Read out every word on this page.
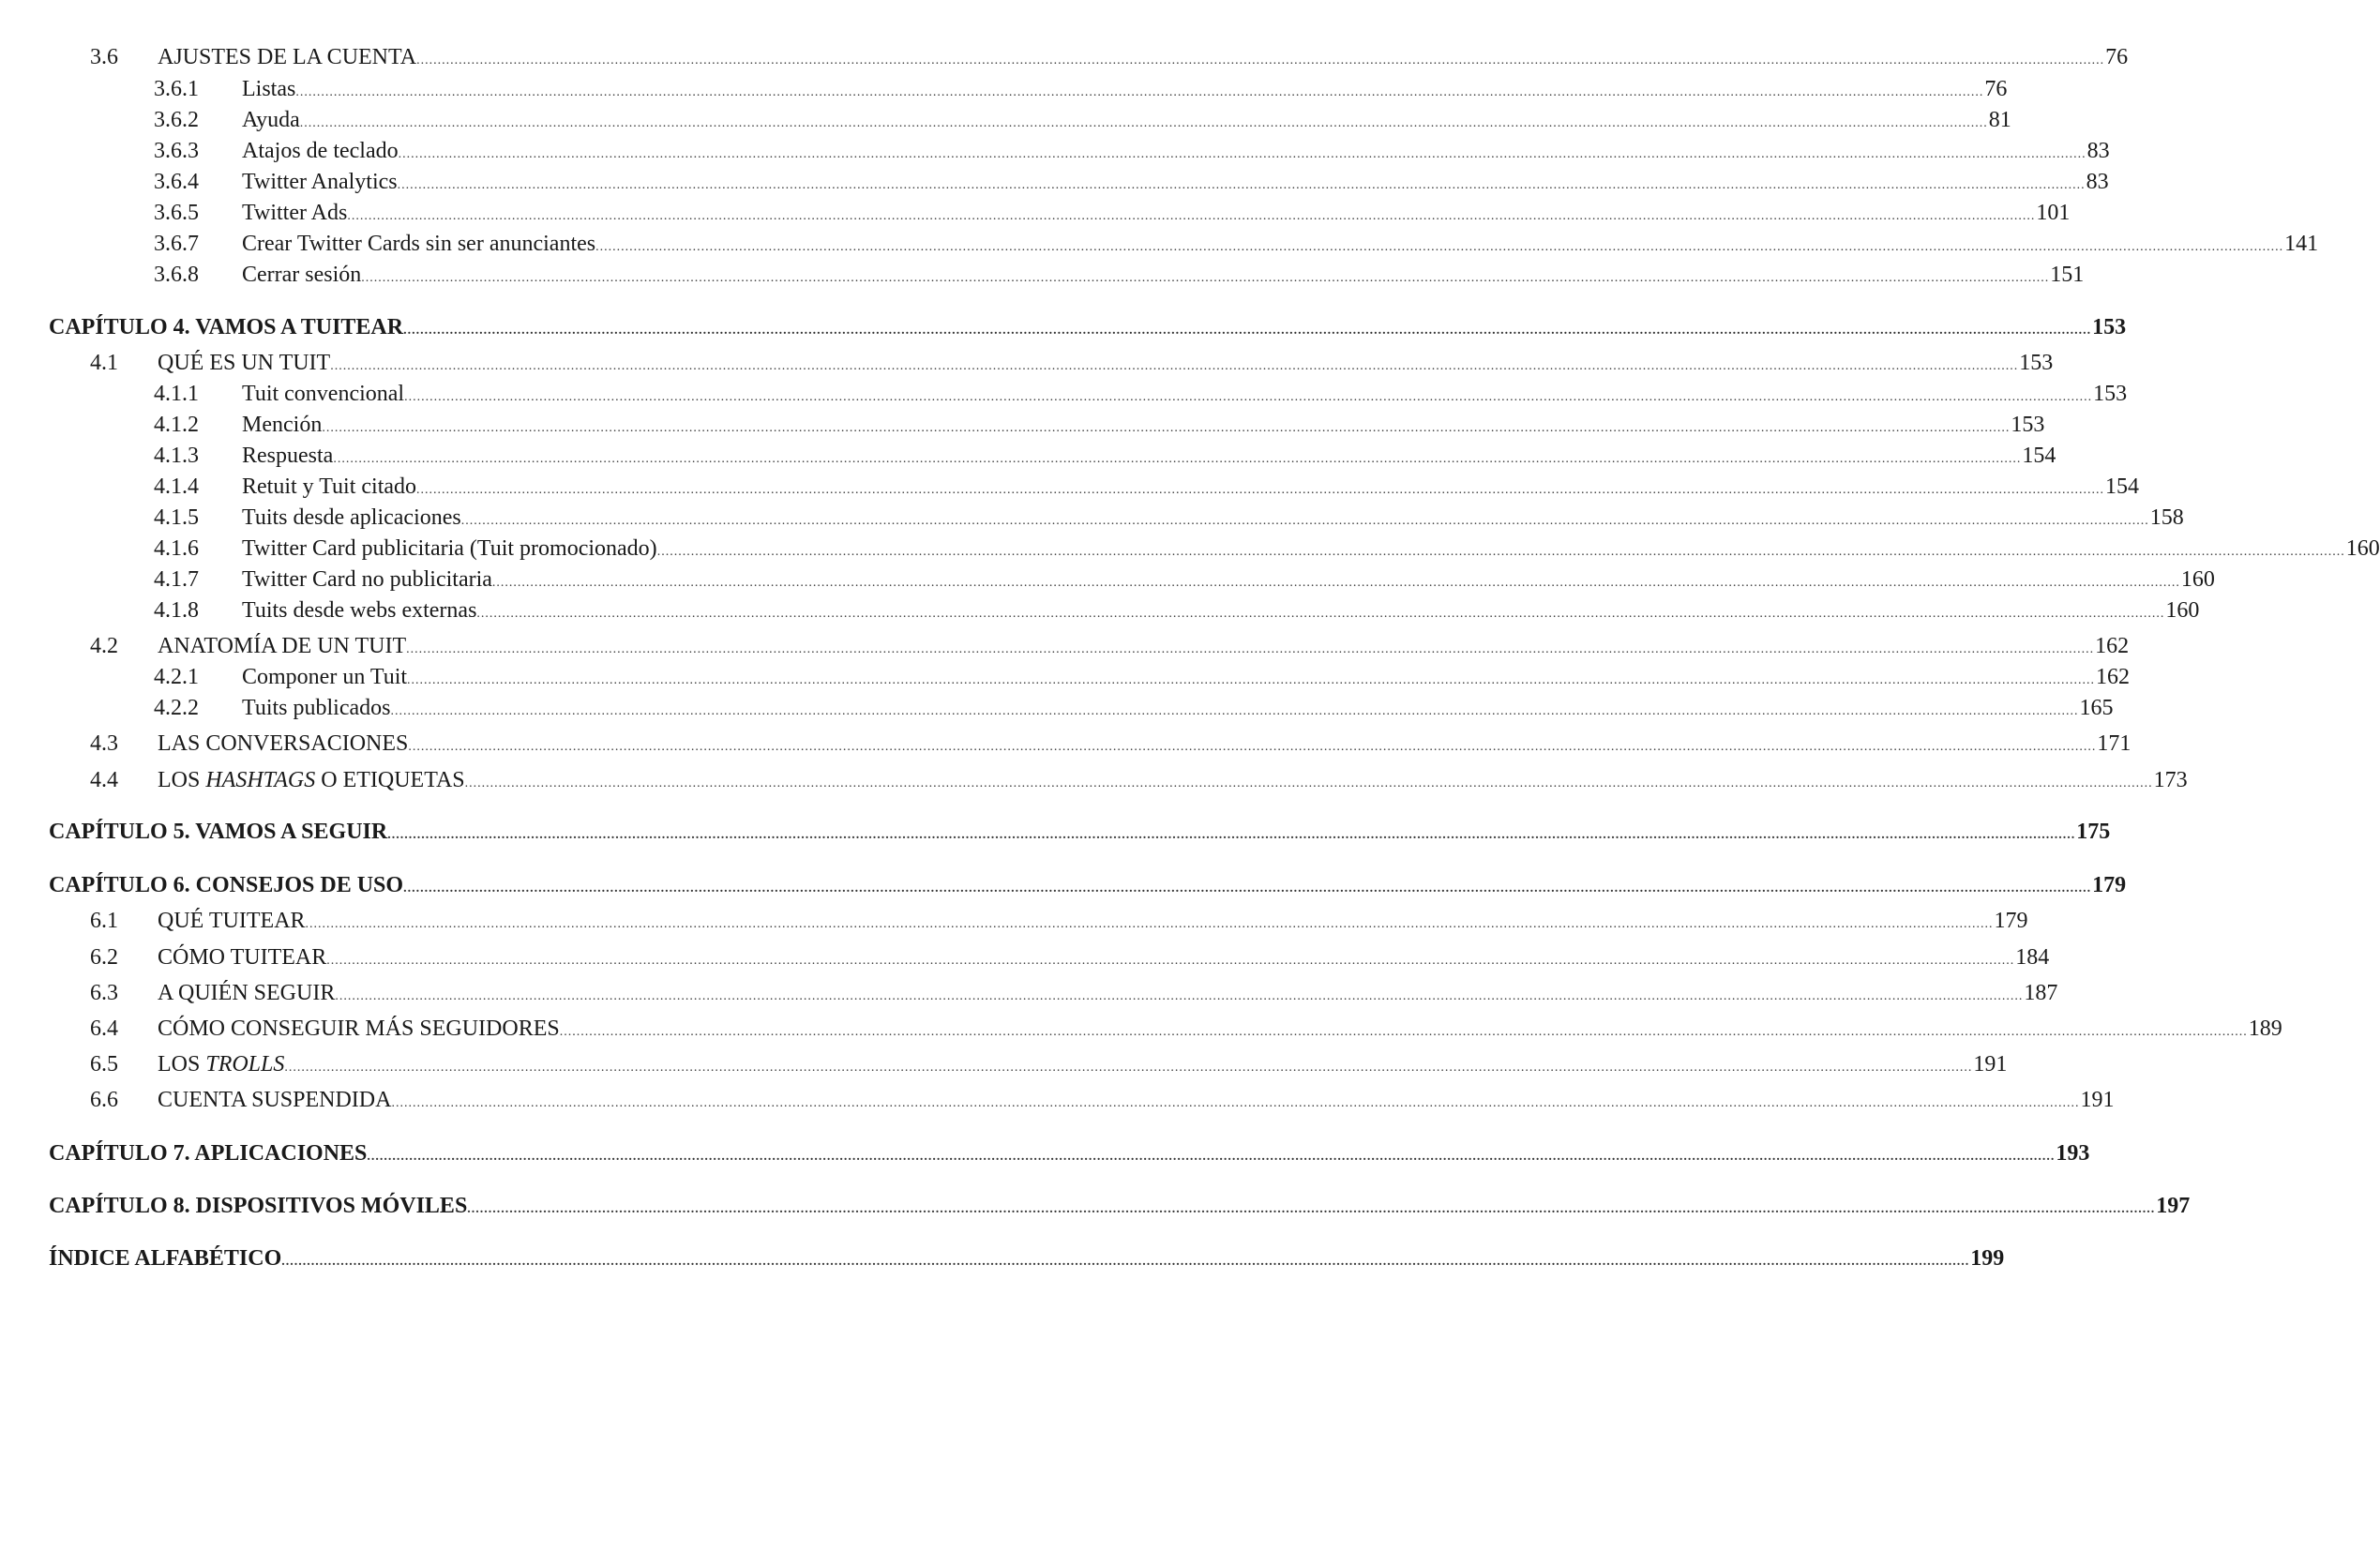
3.6	AJUSTES DE LA CUENTA ................................................................................................................................................................................................................................................................................................................................................................................................................ 76
3.6.1	Listas ................................................................................................................................................................................................................................................................................................................................................................................................................ 76
3.6.2	Ayuda ................................................................................................................................................................................................................................................................................................................................................................................................................ 81
3.6.3	Atajos de teclado ................................................................................................................................................................................................................................................................................................................................................................................................................ 83
3.6.4	Twitter Analytics ................................................................................................................................................................................................................................................................................................................................................................................................................ 83
3.6.5	Twitter Ads ................................................................................................................................................................................................................................................................................................................................................................................................................ 101
3.6.7	Crear Twitter Cards sin ser anunciantes ................................................................................................................................................................................................................................................................................................................................................................................................................ 141
3.6.8	Cerrar sesión ................................................................................................................................................................................................................................................................................................................................................................................................................ 151
CAPÍTULO 4. VAMOS A TUITEAR ................................................................................................................................................................................................................................................................................................................................................................................................................ 153
4.1	QUÉ ES UN TUIT ................................................................................................................................................................................................................................................................................................................................................................................................................ 153
4.1.1	Tuit convencional ................................................................................................................................................................................................................................................................................................................................................................................................................ 153
4.1.2	Mención ................................................................................................................................................................................................................................................................................................................................................................................................................ 153
4.1.3	Respuesta ................................................................................................................................................................................................................................................................................................................................................................................................................ 154
4.1.4	Retuit y Tuit citado ................................................................................................................................................................................................................................................................................................................................................................................................................ 154
4.1.5	Tuits desde aplicaciones ................................................................................................................................................................................................................................................................................................................................................................................................................ 158
4.1.6	Twitter Card publicitaria (Tuit promocionado) ................................................................................................................................................................................................................................................................................................................................................................................................................ 160
4.1.7	Twitter Card no publicitaria ................................................................................................................................................................................................................................................................................................................................................................................................................ 160
4.1.8	Tuits desde webs externas ................................................................................................................................................................................................................................................................................................................................................................................................................ 160
4.2	ANATOMÍA DE UN TUIT ................................................................................................................................................................................................................................................................................................................................................................................................................ 162
4.2.1	Componer un Tuit ................................................................................................................................................................................................................................................................................................................................................................................................................ 162
4.2.2	Tuits publicados ................................................................................................................................................................................................................................................................................................................................................................................................................ 165
4.3	LAS CONVERSACIONES ................................................................................................................................................................................................................................................................................................................................................................................................................ 171
4.4	LOS HASHTAGS O ETIQUETAS ................................................................................................................................................................................................................................................................................................................................................................................................................ 173
CAPÍTULO 5. VAMOS A SEGUIR ................................................................................................................................................................................................................................................................................................................................................................................................................ 175
CAPÍTULO 6. CONSEJOS DE USO ................................................................................................................................................................................................................................................................................................................................................................................................................ 179
6.1	QUÉ TUITEAR ................................................................................................................................................................................................................................................................................................................................................................................................................ 179
6.2	CÓMO TUITEAR ................................................................................................................................................................................................................................................................................................................................................................................................................ 184
6.3	A QUIÉN SEGUIR ................................................................................................................................................................................................................................................................................................................................................................................................................ 187
6.4	CÓMO CONSEGUIR MÁS SEGUIDORES ................................................................................................................................................................................................................................................................................................................................................................................................................ 189
6.5	LOS TROLLS ................................................................................................................................................................................................................................................................................................................................................................................................................ 191
6.6	CUENTA SUSPENDIDA ................................................................................................................................................................................................................................................................................................................................................................................................................ 191
CAPÍTULO 7. APLICACIONES ................................................................................................................................................................................................................................................................................................................................................................................................................ 193
CAPÍTULO 8. DISPOSITIVOS MÓVILES ................................................................................................................................................................................................................................................................................................................................................................................................................ 197
ÍNDICE ALFABÉTICO ................................................................................................................................................................................................................................................................................................................................................................................................................ 199
